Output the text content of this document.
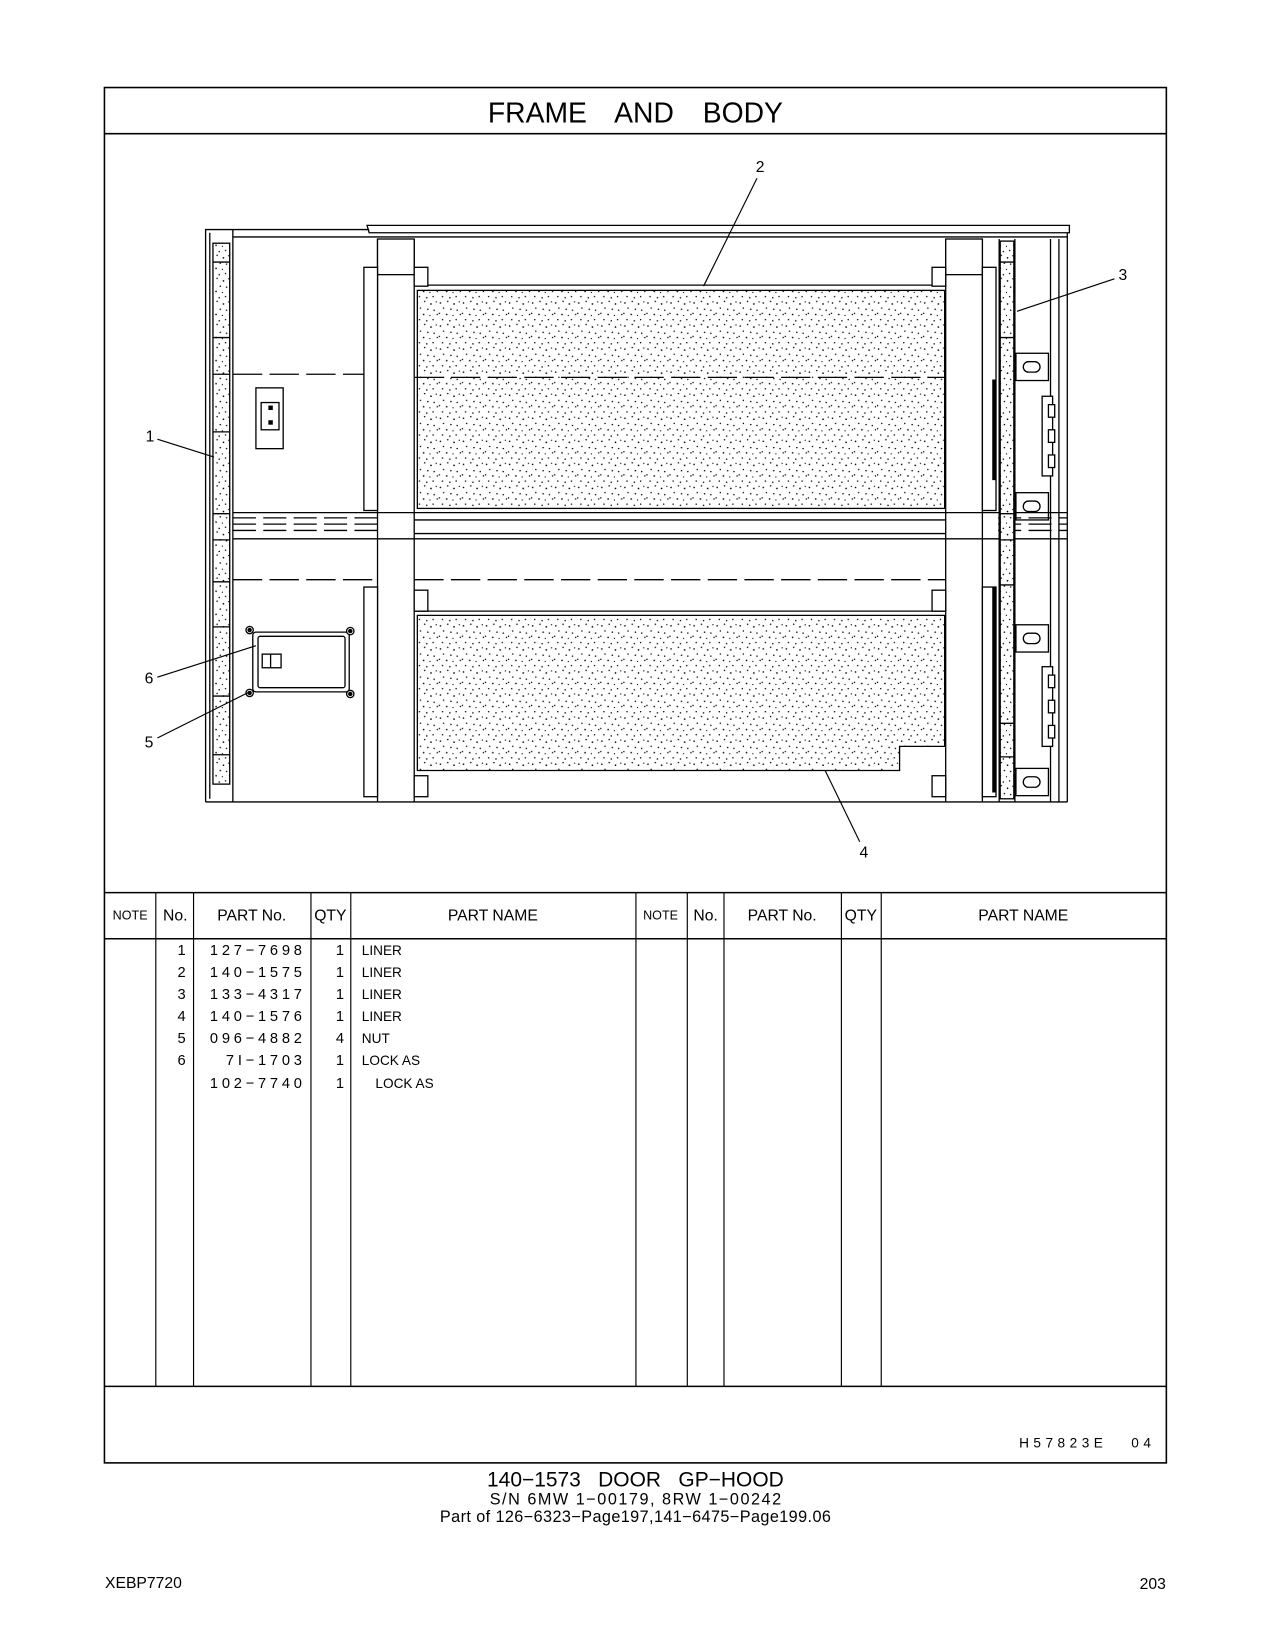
FRAME AND BODY
1
2
3
4
5
6
NOTE No. PART No. QTY	PART NAME	NOTE No. PART No. QTY	PART NAME
1 127−7698 1 LINER
2 140−1575 1 LINER
3 133−4317 1 LINER
4 140−1576 1 LINER
5 096−4882 4 NUT
6	7I−1703 1 LOCK AS
102−7740 1 LOCK AS
H57823E 04
140−1573 DOOR GP−HOOD
S/N 6MW 1−00179, 8RW 1−00242
Part of 126−6323−Page197,141−6475−Page199.06
XEBP7720	203
